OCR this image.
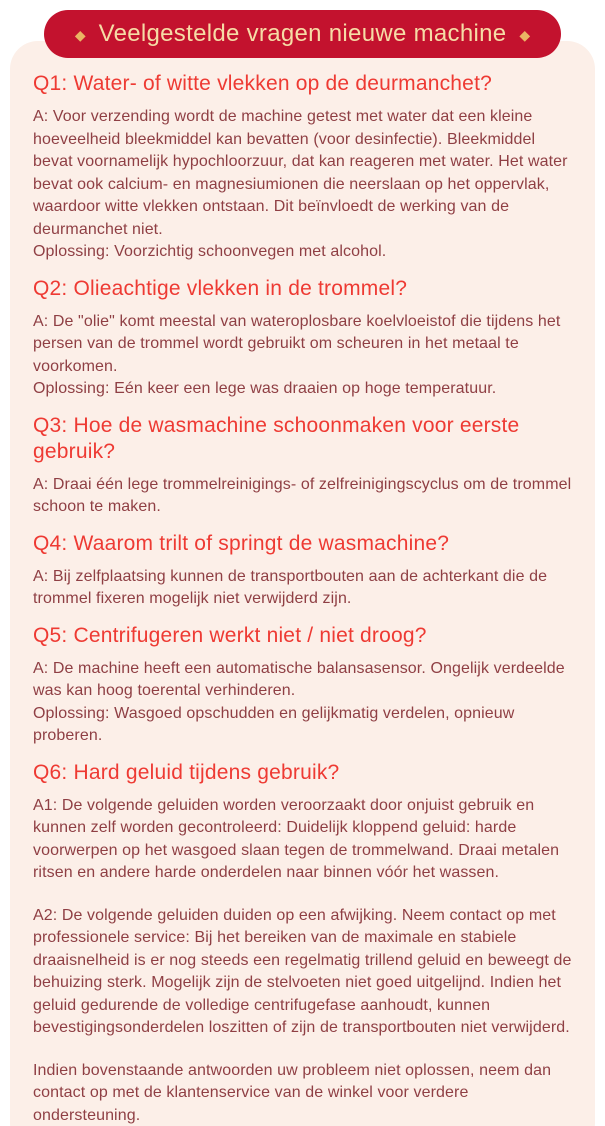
◆ Veelgestelde vragen nieuwe machine ◆
Q1: Water- of witte vlekken op de deurmanchet?

A: Voor verzending wordt de machine getest met water dat een kleine hoeveelheid bleekmiddel kan bevatten (voor desinfectie). Bleekmiddel bevat voornamelijk hypochloorzuur, dat kan reageren met water. Het water bevat ook calcium- en magnesiumionen die neerslaan op het oppervlak, waardoor witte vlekken ontstaan. Dit beïnvloedt de werking van de deurmanchet niet.
Oplossing: Voorzichtig schoonvegen met alcohol.

Q2: Olieachtige vlekken in de trommel?

A: De "olie" komt meestal van wateroplosbare koelvloeistof die tijdens het persen van de trommel wordt gebruikt om scheuren in het metaal te voorkomen.
Oplossing: Eén keer een lege was draaien op hoge temperatuur.

Q3: Hoe de wasmachine schoonmaken voor eerste gebruik?

A: Draai één lege trommelreinigings- of zelfreinigingscyclus om de trommel schoon te maken.

Q4: Waarom trilt of springt de wasmachine?

A: Bij zelfplaatsing kunnen de transportbouten aan de achterkant die de trommel fixeren mogelijk niet verwijderd zijn.

Q5: Centrifugeren werkt niet / niet droog?

A: De machine heeft een automatische balansasensor. Ongelijk verdeelde was kan hoog toerental verhinderen.
Oplossing: Wasgoed opschudden en gelijkmatig verdelen, opnieuw proberen.

Q6: Hard geluid tijdens gebruik?

A1: De volgende geluiden worden veroorzaakt door onjuist gebruik en kunnen zelf worden gecontroleerd: Duidelijk kloppend geluid: harde voorwerpen op het wasgoed slaan tegen de trommelwand. Draai metalen ritsen en andere harde onderdelen naar binnen vóór het wassen.

A2: De volgende geluiden duiden op een afwijking. Neem contact op met professionele service: Bij het bereiken van de maximale en stabiele draaisnelheid is er nog steeds een regelmatig trillend geluid en beweegt de behuizing sterk. Mogelijk zijn de stelvoeten niet goed uitgelijnd. Indien het geluid gedurende de volledige centrifugefase aanhoudt, kunnen bevestigingsonderdelen loszitten of zijn de transportbouten niet verwijderd.

Indien bovenstaande antwoorden uw probleem niet oplossen, neem dan contact op met de klantenservice van de winkel voor verdere ondersteuning.
